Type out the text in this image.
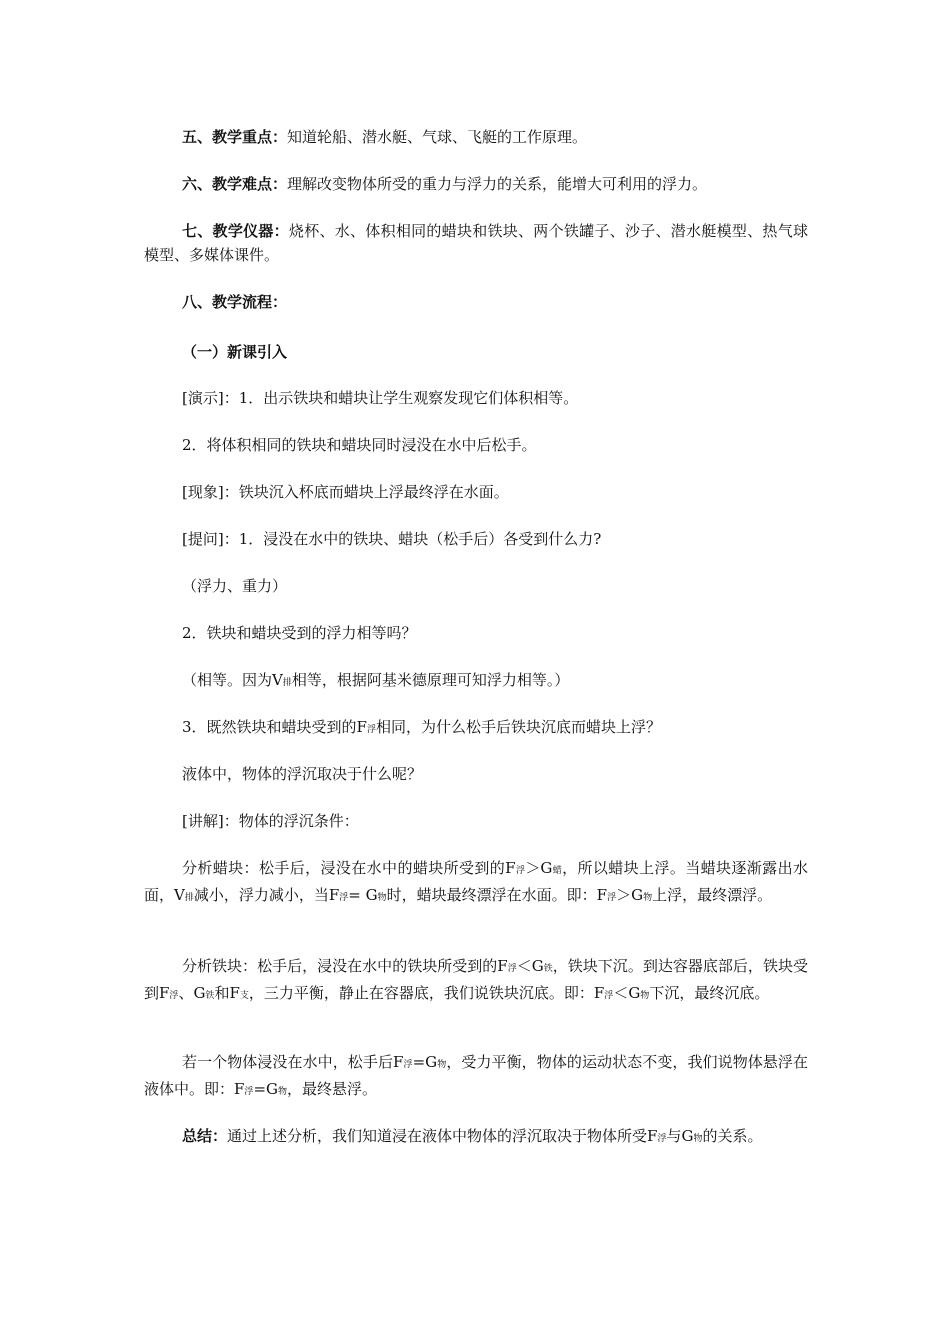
五、教学重点：知道轮船、潜水艇、气球、飞艇的工作原理。

六、教学难点：理解改变物体所受的重力与浮力的关系，能增大可利用的浮力。

七、教学仪器：烧杯、水、体积相同的蜡块和铁块、两个铁罐子、沙子、潜水艇模型、热气球模型、多媒体课件。

八、教学流程：

（一）新课引入

[演示]：1．出示铁块和蜡块让学生观察发现它们体积相等。

2．将体积相同的铁块和蜡块同时浸没在水中后松手。

[现象]：铁块沉入杯底而蜡块上浮最终浮在水面。

[提问]：1．浸没在水中的铁块、蜡块（松手后）各受到什么力?

（浮力、重力）

2．铁块和蜡块受到的浮力相等吗？

（相等。因为V排相等，根据阿基米德原理可知浮力相等。）

3．既然铁块和蜡块受到的F浮相同，为什么松手后铁块沉底而蜡块上浮？

液体中，物体的浮沉取决于什么呢？

[讲解]：物体的浮沉条件：

分析蜡块：松手后，浸没在水中的蜡块所受到的F浮＞G蜡，所以蜡块上浮。当蜡块逐渐露出水面，V排减小，浮力减小，当F浮= G物时，蜡块最终漂浮在水面。即：F浮＞G物上浮，最终漂浮。

分析铁块：松手后，浸没在水中的铁块所受到的F浮＜G铁，铁块下沉。到达容器底部后，铁块受到F浮、G铁和F支，三力平衡，静止在容器底，我们说铁块沉底。即：F浮＜G物下沉，最终沉底。

若一个物体浸没在水中，松手后F浮=G物，受力平衡，物体的运动状态不变，我们说物体悬浮在液体中。即：F浮=G物，最终悬浮。

总结：通过上述分析，我们知道浸在液体中物体的浮沉取决于物体所受F浮与G物的关系。
